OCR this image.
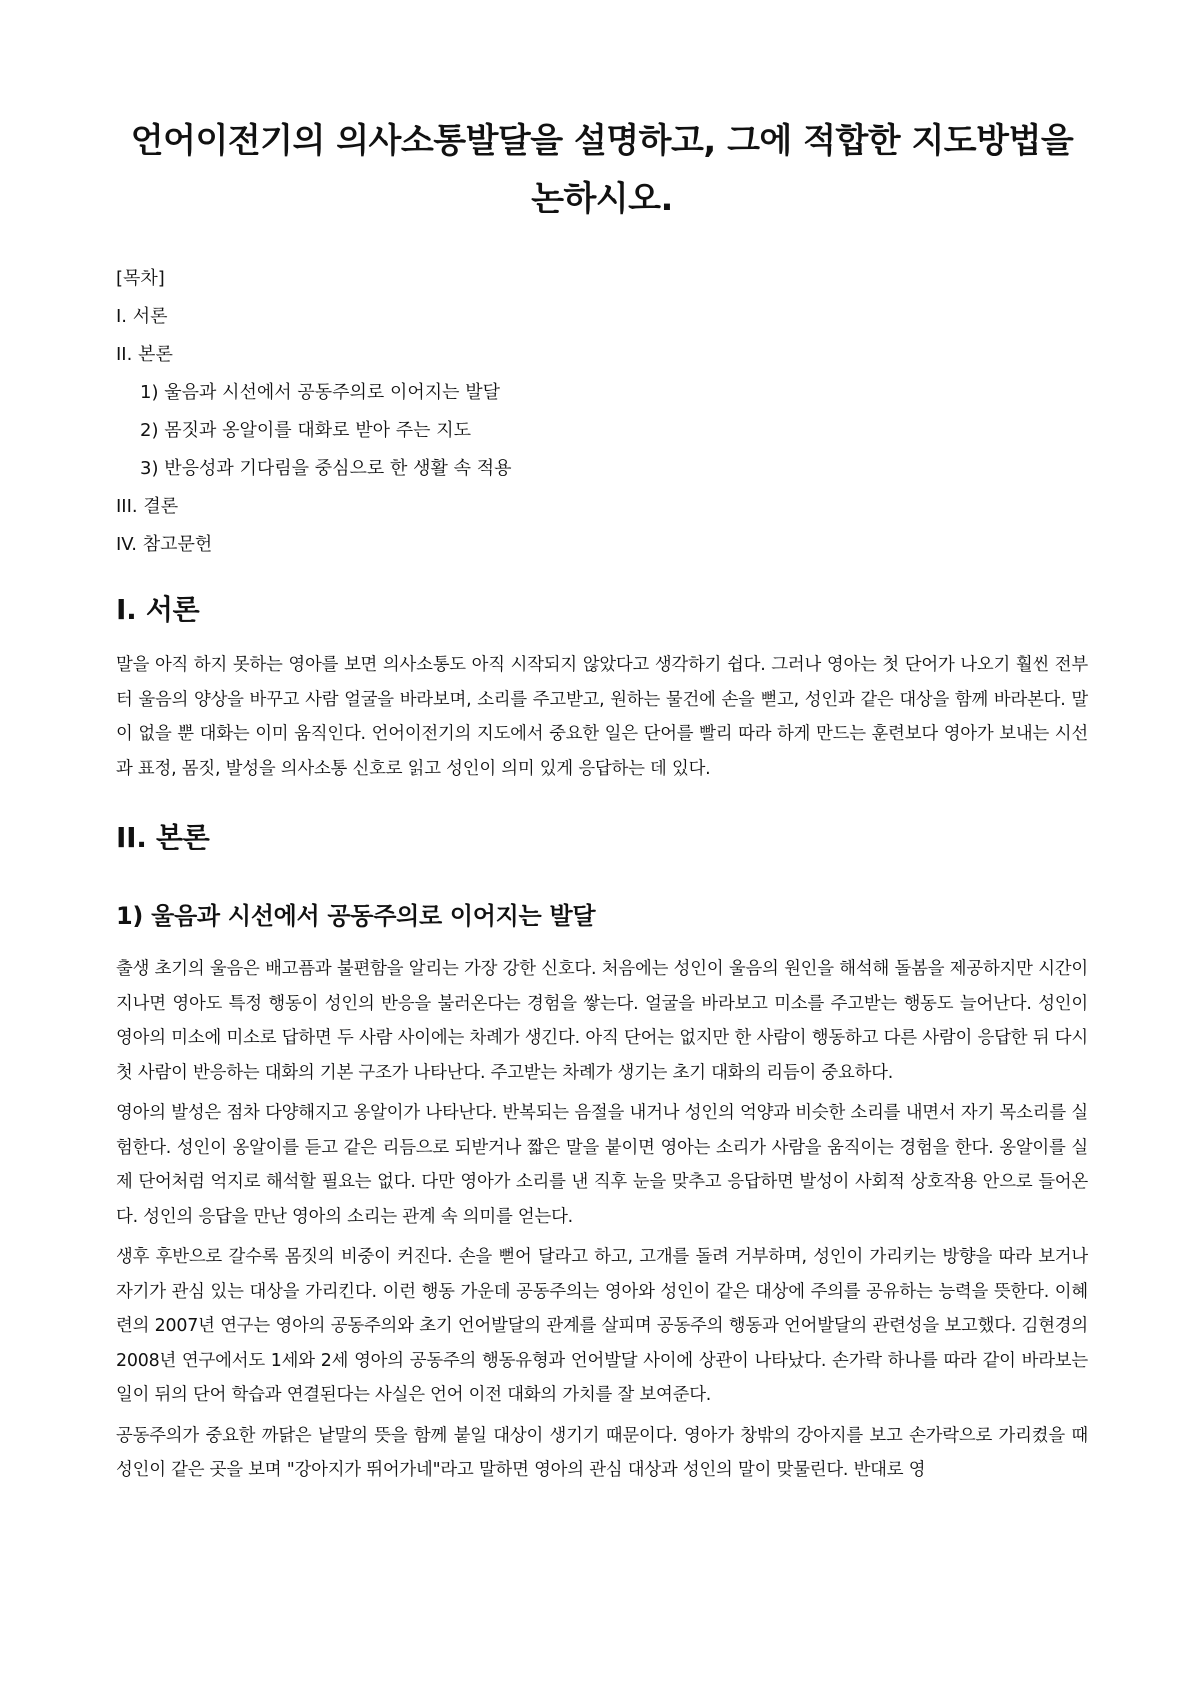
언어이전기의 의사소통발달을 설명하고, 그에 적합한 지도방법을 논하시오.
[목차]
I. 서론
II. 본론
1) 울음과 시선에서 공동주의로 이어지는 발달
2) 몸짓과 옹알이를 대화로 받아 주는 지도
3) 반응성과 기다림을 중심으로 한 생활 속 적용
III. 결론
IV. 참고문헌
I. 서론

말을 아직 하지 못하는 영아를 보면 의사소통도 아직 시작되지 않았다고 생각하기 쉽다. 그러나 영아는 첫 단어가 나오기 훨씬 전부터 울음의 양상을 바꾸고 사람 얼굴을 바라보며, 소리를 주고받고, 원하는 물건에 손을 뻗고, 성인과 같은 대상을 함께 바라본다. 말이 없을 뿐 대화는 이미 움직인다. 언어이전기의 지도에서 중요한 일은 단어를 빨리 따라 하게 만드는 훈련보다 영아가 보내는 시선과 표정, 몸짓, 발성을 의사소통 신호로 읽고 성인이 의미 있게 응답하는 데 있다.

II. 본론
1) 울음과 시선에서 공동주의로 이어지는 발달

출생 초기의 울음은 배고픔과 불편함을 알리는 가장 강한 신호다. 처음에는 성인이 울음의 원인을 해석해 돌봄을 제공하지만 시간이 지나면 영아도 특정 행동이 성인의 반응을 불러온다는 경험을 쌓는다. 얼굴을 바라보고 미소를 주고받는 행동도 늘어난다. 성인이 영아의 미소에 미소로 답하면 두 사람 사이에는 차례가 생긴다. 아직 단어는 없지만 한 사람이 행동하고 다른 사람이 응답한 뒤 다시 첫 사람이 반응하는 대화의 기본 구조가 나타난다. 주고받는 차례가 생기는 초기 대화의 리듬이 중요하다.

영아의 발성은 점차 다양해지고 옹알이가 나타난다. 반복되는 음절을 내거나 성인의 억양과 비슷한 소리를 내면서 자기 목소리를 실험한다. 성인이 옹알이를 듣고 같은 리듬으로 되받거나 짧은 말을 붙이면 영아는 소리가 사람을 움직이는 경험을 한다. 옹알이를 실제 단어처럼 억지로 해석할 필요는 없다. 다만 영아가 소리를 낸 직후 눈을 맞추고 응답하면 발성이 사회적 상호작용 안으로 들어온다. 성인의 응답을 만난 영아의 소리는 관계 속 의미를 얻는다.

생후 후반으로 갈수록 몸짓의 비중이 커진다. 손을 뻗어 달라고 하고, 고개를 돌려 거부하며, 성인이 가리키는 방향을 따라 보거나 자기가 관심 있는 대상을 가리킨다. 이런 행동 가운데 공동주의는 영아와 성인이 같은 대상에 주의를 공유하는 능력을 뜻한다. 이혜련의 2007년 연구는 영아의 공동주의와 초기 언어발달의 관계를 살피며 공동주의 행동과 언어발달의 관련성을 보고했다. 김현경의 2008년 연구에서도 1세와 2세 영아의 공동주의 행동유형과 언어발달 사이에 상관이 나타났다. 손가락 하나를 따라 같이 바라보는 일이 뒤의 단어 학습과 연결된다는 사실은 언어 이전 대화의 가치를 잘 보여준다.

공동주의가 중요한 까닭은 낱말의 뜻을 함께 붙일 대상이 생기기 때문이다. 영아가 창밖의 강아지를 보고 손가락으로 가리켰을 때 성인이 같은 곳을 보며 "강아지가 뛰어가네"라고 말하면 영아의 관심 대상과 성인의 말이 맞물린다. 반대로 영
